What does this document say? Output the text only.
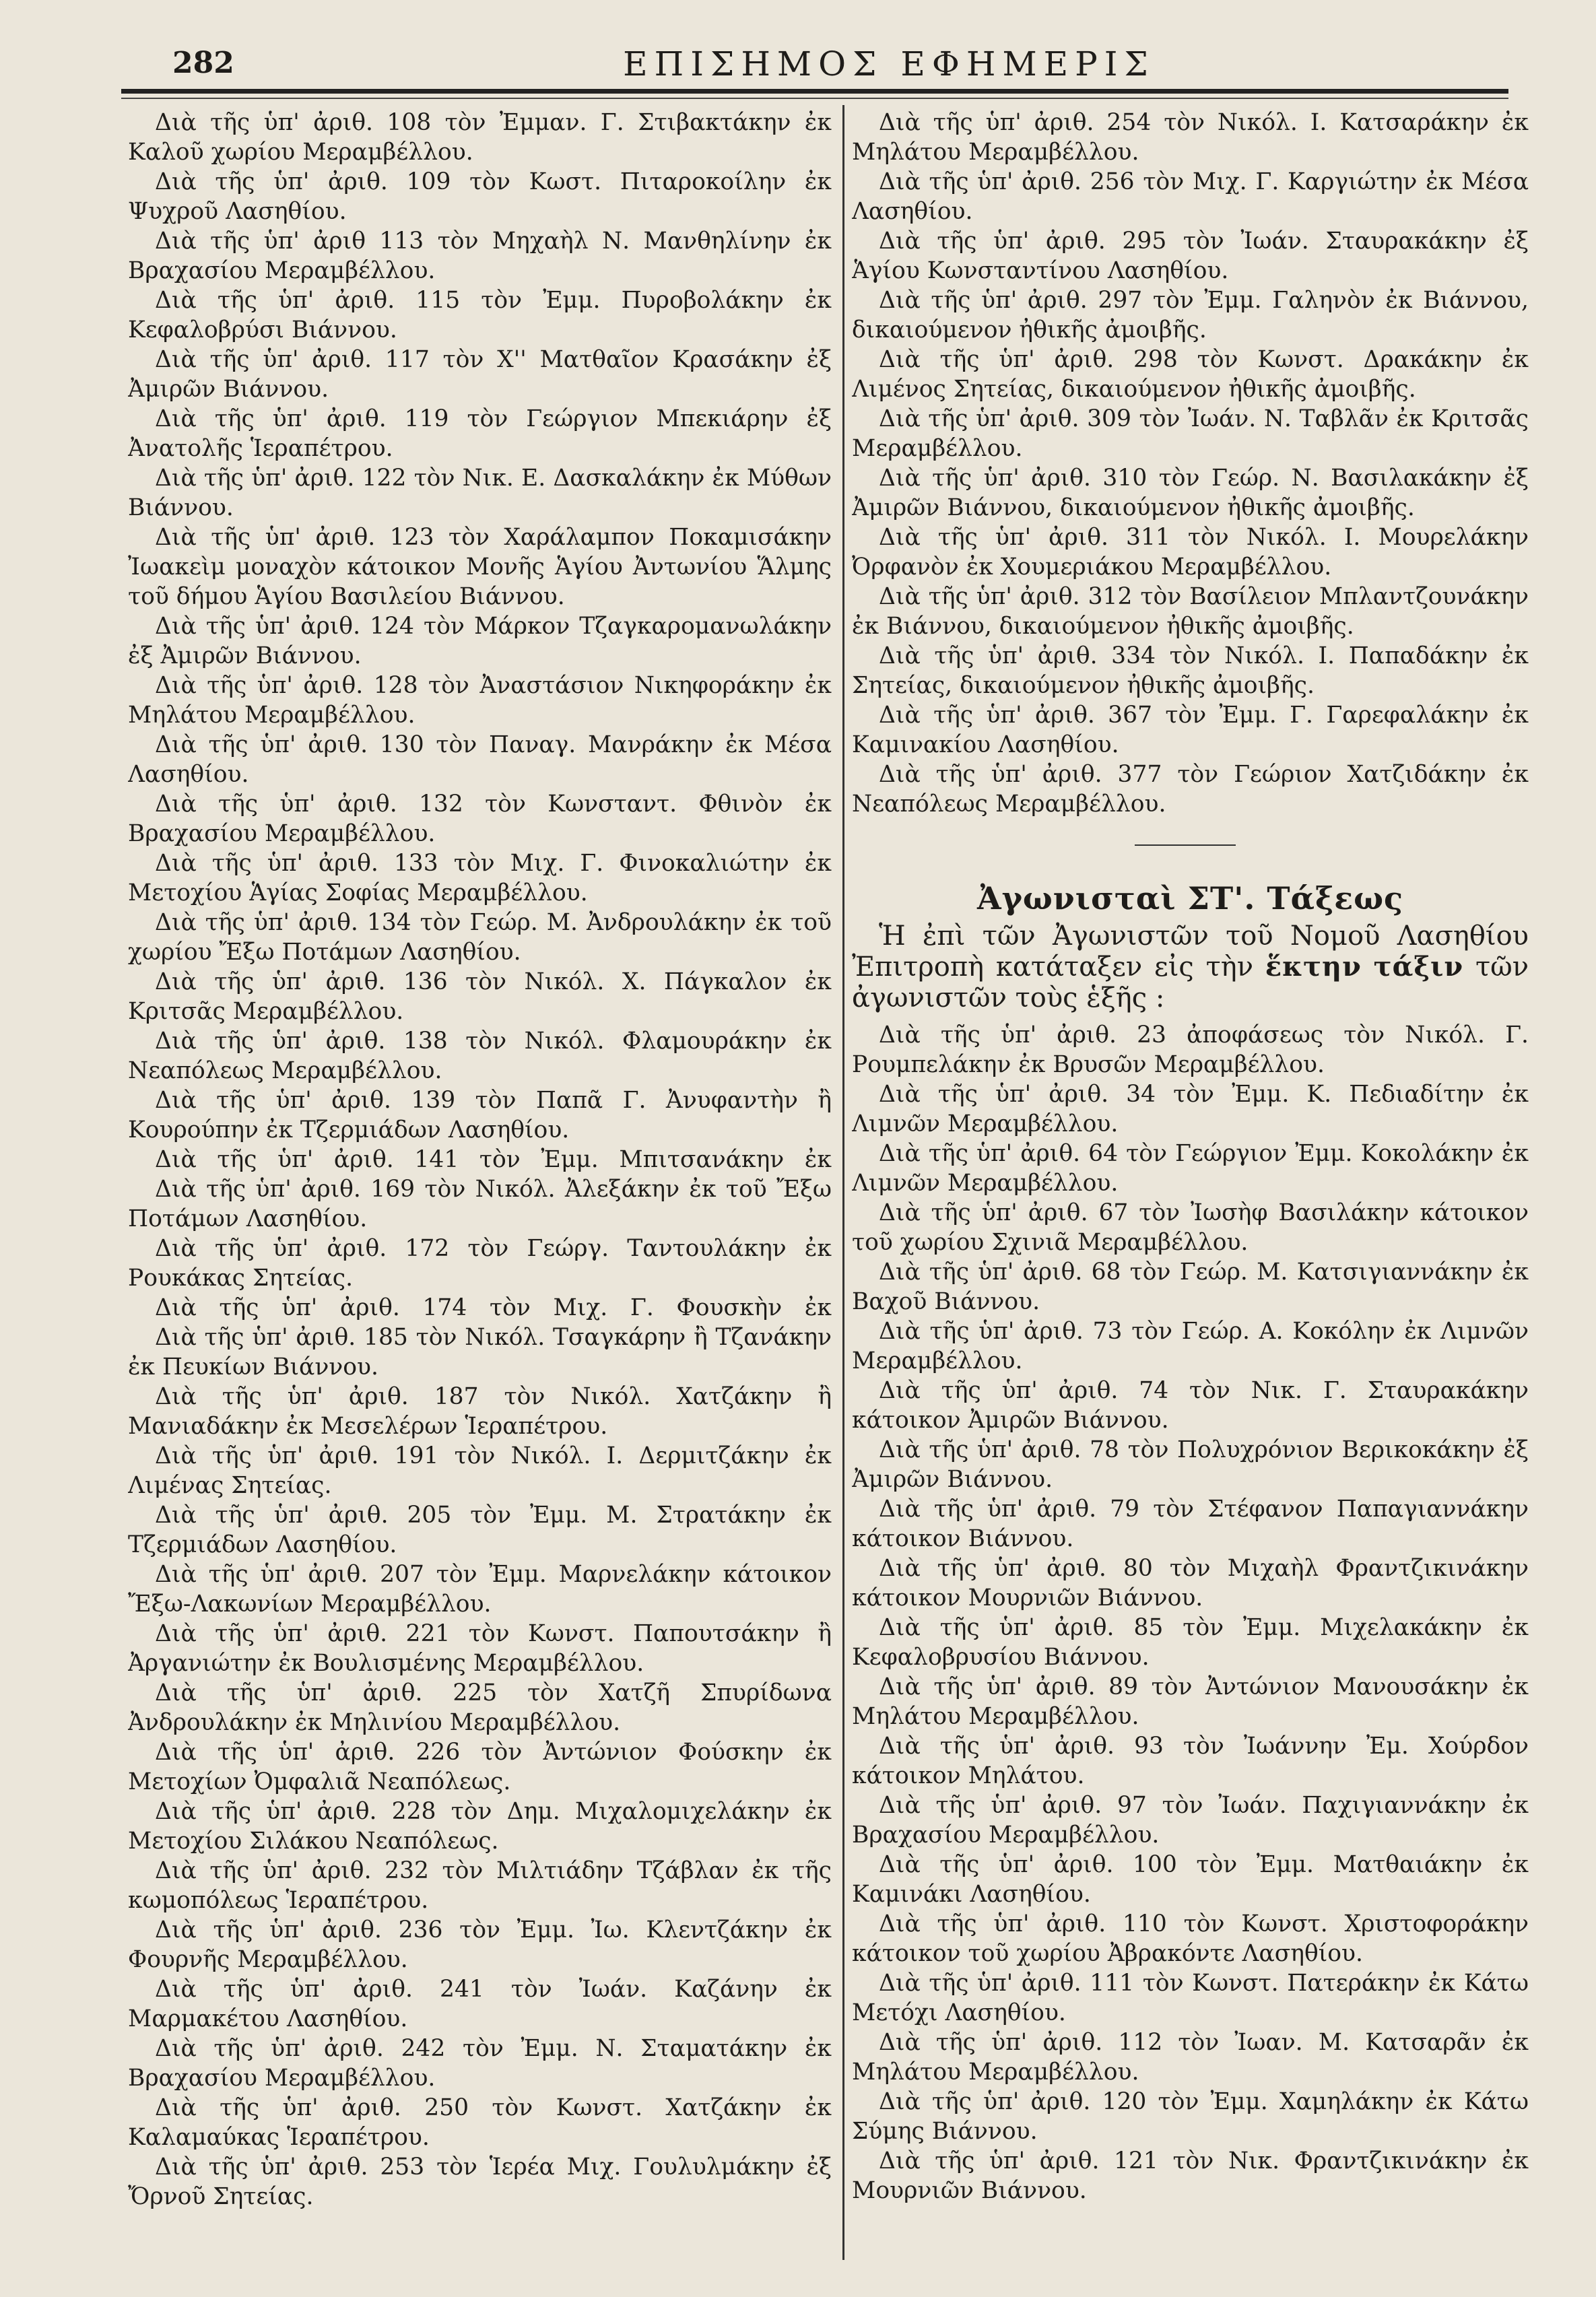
282	ΕΠΙΣΗΜΟΣ ΕΦΗΜΕΡΙΣ

Διὰ τῆς ὑπ' ἀριθ. 108 τὸν Ἐμμαν. Γ. Στιβακτάκην ἐκ Καλοῦ χωρίου Μεραμβέλλου.

Διὰ τῆς ὑπ' ἀριθ. 109 τὸν Κωστ. Πιταροκοίλην ἐκ Ψυχροῦ Λασηθίου.

Διὰ τῆς ὑπ' ἀριθ 113 τὸν Μηχαὴλ Ν. Μανθηλίνην ἐκ Βραχασίου Μεραμβέλλου.

Διὰ τῆς ὑπ' ἀριθ. 115 τὸν Ἐμμ. Πυροβολάκην ἐκ Κεφαλοβρύσι Βιάννου.

Διὰ τῆς ὑπ' ἀριθ. 117 τὸν Χ'' Ματθαῖον Κρασάκην ἐξ Ἀμιρῶν Βιάννου.

Διὰ τῆς ὑπ' ἀριθ. 119 τὸν Γεώργιον Μπεκιάρην ἐξ Ἀνατολῆς Ἱεραπέτρου.

Διὰ τῆς ὑπ' ἀριθ. 122 τὸν Νικ. Ε. Δασκαλάκην ἐκ Μύθων Βιάννου.

Διὰ τῆς ὑπ' ἀριθ. 123 τὸν Χαράλαμπον Ποκαμισάκην Ἰωακεὶμ μοναχὸν κάτοικον Μονῆς Ἁγίου Ἀντωνίου Ἅλμης τοῦ δήμου Ἁγίου Βασιλείου Βιάννου.

Διὰ τῆς ὑπ' ἀριθ. 124 τὸν Μάρκον Τζαγκαρομανωλάκην ἐξ Ἀμιρῶν Βιάννου.

Διὰ τῆς ὑπ' ἀριθ. 128 τὸν Ἀναστάσιον Νικηφοράκην ἐκ Μηλάτου Μεραμβέλλου.

Διὰ τῆς ὑπ' ἀριθ. 130 τὸν Παναγ. Μανράκην ἐκ Μέσα Λασηθίου.

Διὰ τῆς ὑπ' ἀριθ. 132 τὸν Κωνσταντ. Φθινὸν ἐκ Βραχασίου Μεραμβέλλου.

Διὰ τῆς ὑπ' ἀριθ. 133 τὸν Μιχ. Γ. Φινοκαλιώτην ἐκ Μετοχίου Ἁγίας Σοφίας Μεραμβέλλου.

Διὰ τῆς ὑπ' ἀριθ. 134 τὸν Γεώρ. Μ. Ἀνδρουλάκην ἐκ τοῦ χωρίου Ἔξω Ποτάμων Λασηθίου.

Διὰ τῆς ὑπ' ἀριθ. 136 τὸν Νικόλ. Χ. Πάγκαλον ἐκ Κριτσᾶς Μεραμβέλλου.

Διὰ τῆς ὑπ' ἀριθ. 138 τὸν Νικόλ. Φλαμουράκην ἐκ Νεαπόλεως Μεραμβέλλου.

Διὰ τῆς ὑπ' ἀριθ. 139 τὸν Παπᾶ Γ. Ἀνυφαντὴν ἢ Κουρούπην ἐκ Τζερμιάδων Λασηθίου.

Διὰ τῆς ὑπ' ἀριθ. 141 τὸν Ἐμμ. Μπιτσανάκην ἐκ

Διὰ τῆς ὑπ' ἀριθ. 169 τὸν Νικόλ. Ἀλεξάκην ἐκ τοῦ Ἔξω Ποτάμων Λασηθίου.

Διὰ τῆς ὑπ' ἀριθ. 172 τὸν Γεώργ. Ταντουλάκην ἐκ Ρουκάκας Σητείας.

Διὰ τῆς ὑπ' ἀριθ. 174 τὸν Μιχ. Γ. Φουσκὴν ἐκ

Διὰ τῆς ὑπ' ἀριθ. 185 τὸν Νικόλ. Τσαγκάρην ἢ Τζανάκην ἐκ Πευκίων Βιάννου.

Διὰ τῆς ὑπ' ἀριθ. 187 τὸν Νικόλ. Χατζάκην ἢ Μανιαδάκην ἐκ Μεσελέρων Ἱεραπέτρου.

Διὰ τῆς ὑπ' ἀριθ. 191 τὸν Νικόλ. Ι. Δερμιτζάκην ἐκ Λιμένας Σητείας.

Διὰ τῆς ὑπ' ἀριθ. 205 τὸν Ἐμμ. Μ. Στρατάκην ἐκ Τζερμιάδων Λασηθίου.

Διὰ τῆς ὑπ' ἀριθ. 207 τὸν Ἐμμ. Μαρνελάκην κάτοικον Ἔξω-Λακωνίων Μεραμβέλλου.

Διὰ τῆς ὑπ' ἀριθ. 221 τὸν Κωνστ. Παπουτσάκην ἢ Ἀργανιώτην ἐκ Βουλισμένης Μεραμβέλλου.

Διὰ τῆς ὑπ' ἀριθ. 225 τὸν Χατζῆ Σπυρίδωνα Ἀνδρουλάκην ἐκ Μηλινίου Μεραμβέλλου.

Διὰ τῆς ὑπ' ἀριθ. 226 τὸν Ἀντώνιον Φούσκην ἐκ Μετοχίων Ὀμφαλιᾶ Νεαπόλεως.

Διὰ τῆς ὑπ' ἀριθ. 228 τὸν Δημ. Μιχαλομιχελάκην ἐκ Μετοχίου Σιλάκου Νεαπόλεως.

Διὰ τῆς ὑπ' ἀριθ. 232 τὸν Μιλτιάδην Τζάβλαν ἐκ τῆς κωμοπόλεως Ἱεραπέτρου.

Διὰ τῆς ὑπ' ἀριθ. 236 τὸν Ἐμμ. Ἰω. Κλεντζάκην ἐκ Φουρνῆς Μεραμβέλλου.

Διὰ τῆς ὑπ' ἀριθ. 241 τὸν Ἰωάν. Καζάνην ἐκ Μαρμακέτου Λασηθίου.

Διὰ τῆς ὑπ' ἀριθ. 242 τὸν Ἐμμ. Ν. Σταματάκην ἐκ Βραχασίου Μεραμβέλλου.

Διὰ τῆς ὑπ' ἀριθ. 250 τὸν Κωνστ. Χατζάκην ἐκ Καλαμαύκας Ἱεραπέτρου.

Διὰ τῆς ὑπ' ἀριθ. 253 τὸν Ἱερέα Μιχ. Γουλυλμάκην ἐξ Ὄρνοῦ Σητείας.

Διὰ τῆς ὑπ' ἀριθ. 254 τὸν Νικόλ. Ι. Κατσαράκην ἐκ Μηλάτου Μεραμβέλλου.

Διὰ τῆς ὑπ' ἀριθ. 256 τὸν Μιχ. Γ. Καργιώτην ἐκ Μέσα Λασηθίου.

Διὰ τῆς ὑπ' ἀριθ. 295 τὸν Ἰωάν. Σταυρακάκην ἐξ Ἁγίου Κωνσταντίνου Λασηθίου.

Διὰ τῆς ὑπ' ἀριθ. 297 τὸν Ἐμμ. Γαληνὸν ἐκ Βιάννου, δικαιούμενον ἠθικῆς ἀμοιβῆς.

Διὰ τῆς ὑπ' ἀριθ. 298 τὸν Κωνστ. Δρακάκην ἐκ Λιμένος Σητείας, δικαιούμενον ἠθικῆς ἀμοιβῆς.

Διὰ τῆς ὑπ' ἀριθ. 309 τὸν Ἰωάν. Ν. Ταβλᾶν ἐκ Κριτσᾶς Μεραμβέλλου.

Διὰ τῆς ὑπ' ἀριθ. 310 τὸν Γεώρ. Ν. Βασιλακάκην ἐξ Ἀμιρῶν Βιάννου, δικαιούμενον ἠθικῆς ἀμοιβῆς.

Διὰ τῆς ὑπ' ἀριθ. 311 τὸν Νικόλ. Ι. Μουρελάκην Ὀρφανὸν ἐκ Χουμεριάκου Μεραμβέλλου.

Διὰ τῆς ὑπ' ἀριθ. 312 τὸν Βασίλειον Μπλαντζουνάκην ἐκ Βιάννου, δικαιούμενον ἠθικῆς ἀμοιβῆς.

Διὰ τῆς ὑπ' ἀριθ. 334 τὸν Νικόλ. Ι. Παπαδάκην ἐκ Σητείας, δικαιούμενον ἠθικῆς ἀμοιβῆς.

Διὰ τῆς ὑπ' ἀριθ. 367 τὸν Ἐμμ. Γ. Γαρεφαλάκην ἐκ Καμινακίου Λασηθίου.

Διὰ τῆς ὑπ' ἀριθ. 377 τὸν Γεώριον Χατζιδάκην ἐκ Νεαπόλεως Μεραμβέλλου.

Ἀγωνισταὶ ΣΤ'. Τάξεως
Ἡ ἐπὶ τῶν Ἀγωνιστῶν τοῦ Νομοῦ Λασηθίου Ἐπιτροπὴ κατάταξεν εἰς τὴν ἕκτην τάξιν τῶν ἀγωνιστῶν τοὺς ἑξῆς :

Διὰ τῆς ὑπ' ἀριθ. 23 ἀποφάσεως τὸν Νικόλ. Γ. Ρουμπελάκην ἐκ Βρυσῶν Μεραμβέλλου.

Διὰ τῆς ὑπ' ἀριθ. 34 τὸν Ἐμμ. Κ. Πεδιαδίτην ἐκ Λιμνῶν Μεραμβέλλου.

Διὰ τῆς ὑπ' ἀριθ. 64 τὸν Γεώργιον Ἐμμ. Κοκολάκην ἐκ Λιμνῶν Μεραμβέλλου.

Διὰ τῆς ὑπ' ἀριθ. 67 τὸν Ἰωσὴφ Βασιλάκην κάτοικον τοῦ χωρίου Σχινιᾶ Μεραμβέλλου.

Διὰ τῆς ὑπ' ἀριθ. 68 τὸν Γεώρ. Μ. Κατσιγιαννάκην ἐκ Βαχοῦ Βιάννου.

Διὰ τῆς ὑπ' ἀριθ. 73 τὸν Γεώρ. Α. Κοκόλην ἐκ Λιμνῶν Μεραμβέλλου.

Διὰ τῆς ὑπ' ἀριθ. 74 τὸν Νικ. Γ. Σταυρακάκην κάτοικον Ἀμιρῶν Βιάννου.

Διὰ τῆς ὑπ' ἀριθ. 78 τὸν Πολυχρόνιον Βερικοκάκην ἐξ Ἀμιρῶν Βιάννου.

Διὰ τῆς ὑπ' ἀριθ. 79 τὸν Στέφανον Παπαγιαννάκην κάτοικον Βιάννου.

Διὰ τῆς ὑπ' ἀριθ. 80 τὸν Μιχαὴλ Φραντζικινάκην κάτοικον Μουρνιῶν Βιάννου.

Διὰ τῆς ὑπ' ἀριθ. 85 τὸν Ἐμμ. Μιχελακάκην ἐκ Κεφαλοβρυσίου Βιάννου.

Διὰ τῆς ὑπ' ἀριθ. 89 τὸν Ἀντώνιον Μανουσάκην ἐκ Μηλάτου Μεραμβέλλου.

Διὰ τῆς ὑπ' ἀριθ. 93 τὸν Ἰωάννην Ἐμ. Χούρδον κάτοικον Μηλάτου.

Διὰ τῆς ὑπ' ἀριθ. 97 τὸν Ἰωάν. Παχιγιαννάκην ἐκ Βραχασίου Μεραμβέλλου.

Διὰ τῆς ὑπ' ἀριθ. 100 τὸν Ἐμμ. Ματθαιάκην ἐκ Καμινάκι Λασηθίου.

Διὰ τῆς ὑπ' ἀριθ. 110 τὸν Κωνστ. Χριστοφοράκην κάτοικον τοῦ χωρίου Ἀβρακόντε Λασηθίου.

Διὰ τῆς ὑπ' ἀριθ. 111 τὸν Κωνστ. Πατεράκην ἐκ Κάτω Μετόχι Λασηθίου.

Διὰ τῆς ὑπ' ἀριθ. 112 τὸν Ἰωαν. Μ. Κατσαρᾶν ἐκ Μηλάτου Μεραμβέλλου.

Διὰ τῆς ὑπ' ἀριθ. 120 τὸν Ἐμμ. Χαμηλάκην ἐκ Κάτω Σύμης Βιάννου.

Διὰ τῆς ὑπ' ἀριθ. 121 τὸν Νικ. Φραντζικινάκην ἐκ Μουρνιῶν Βιάννου.
